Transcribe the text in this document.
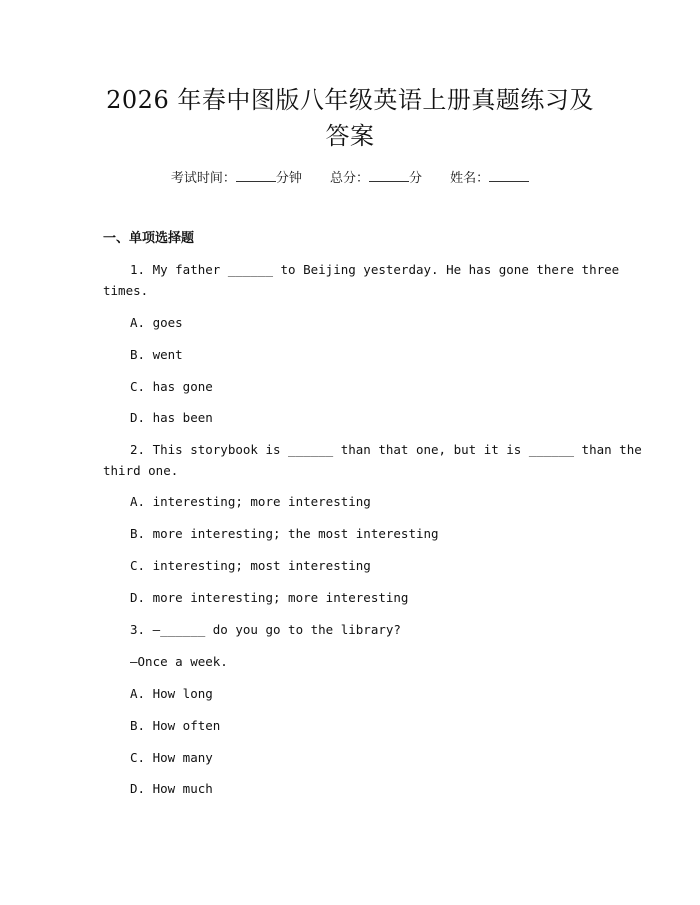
2026 年春中图版八年级英语上册真题练习及
答案
考试时间：	分钟 总分：	分 姓名：
一、单项选择题
1. My father ______ to Beijing yesterday. He has gone there three
times.
A. goes
B. went
C. has gone
D. has been
2. This storybook is ______ than that one, but it is ______ than the
third one.
A. interesting; more interesting
B. more interesting; the most interesting
C. interesting; most interesting
D. more interesting; more interesting
3. —______ do you go to the library?
—Once a week.
A. How long
B. How often
C. How many
D. How much
